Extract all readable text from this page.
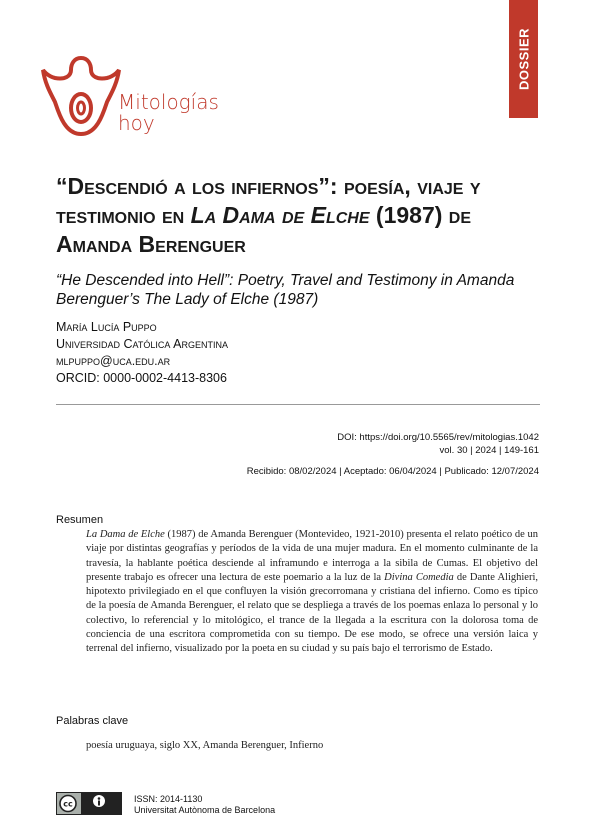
DOSSIER
Mitologías
hoy
“Descendió a los infiernos”: poesía, viaje y testimonio en La Dama de Elche (1987) de Amanda Berenguer
“He Descended into Hell”: Poetry, Travel and Testimony in Amanda Berenguer’s The Lady of Elche (1987)
María Lucía Puppo
Universidad Católica Argentina
mlpuppo@uca.edu.ar
ORCID: 0000-0002-4413-8306
DOI: https://doi.org/10.5565/rev/mitologias.1042
vol. 30 | 2024 | 149-161
Recibido: 08/02/2024 | Aceptado: 06/04/2024 | Publicado: 12/07/2024
Resumen
La Dama de Elche (1987) de Amanda Berenguer (Montevideo, 1921-2010) presenta el relato poético de un viaje por distintas geografías y períodos de la vida de una mujer madura. En el momento culminante de la travesía, la hablante poética desciende al inframundo e interroga a la sibila de Cumas. El objetivo del presente trabajo es ofrecer una lectura de este poemario a la luz de la Divina Comedia de Dante Alighieri, hipotexto privilegiado en el que confluyen la visión grecorromana y cristiana del infierno. Como es típico de la poesía de Amanda Berenguer, el relato que se despliega a través de los poemas enlaza lo personal y lo colectivo, lo referencial y lo mitológico, el trance de la llegada a la escritura con la dolorosa toma de conciencia de una escritora comprometida con su tiempo. De ese modo, se ofrece una versión laica y terrenal del infierno, visualizado por la poeta en su ciudad y su país bajo el terrorismo de Estado.
Palabras clave
poesía uruguaya, siglo XX, Amanda Berenguer, Infierno
cc	ISSN: 2014-1130
Universitat Autònoma de Barcelona
